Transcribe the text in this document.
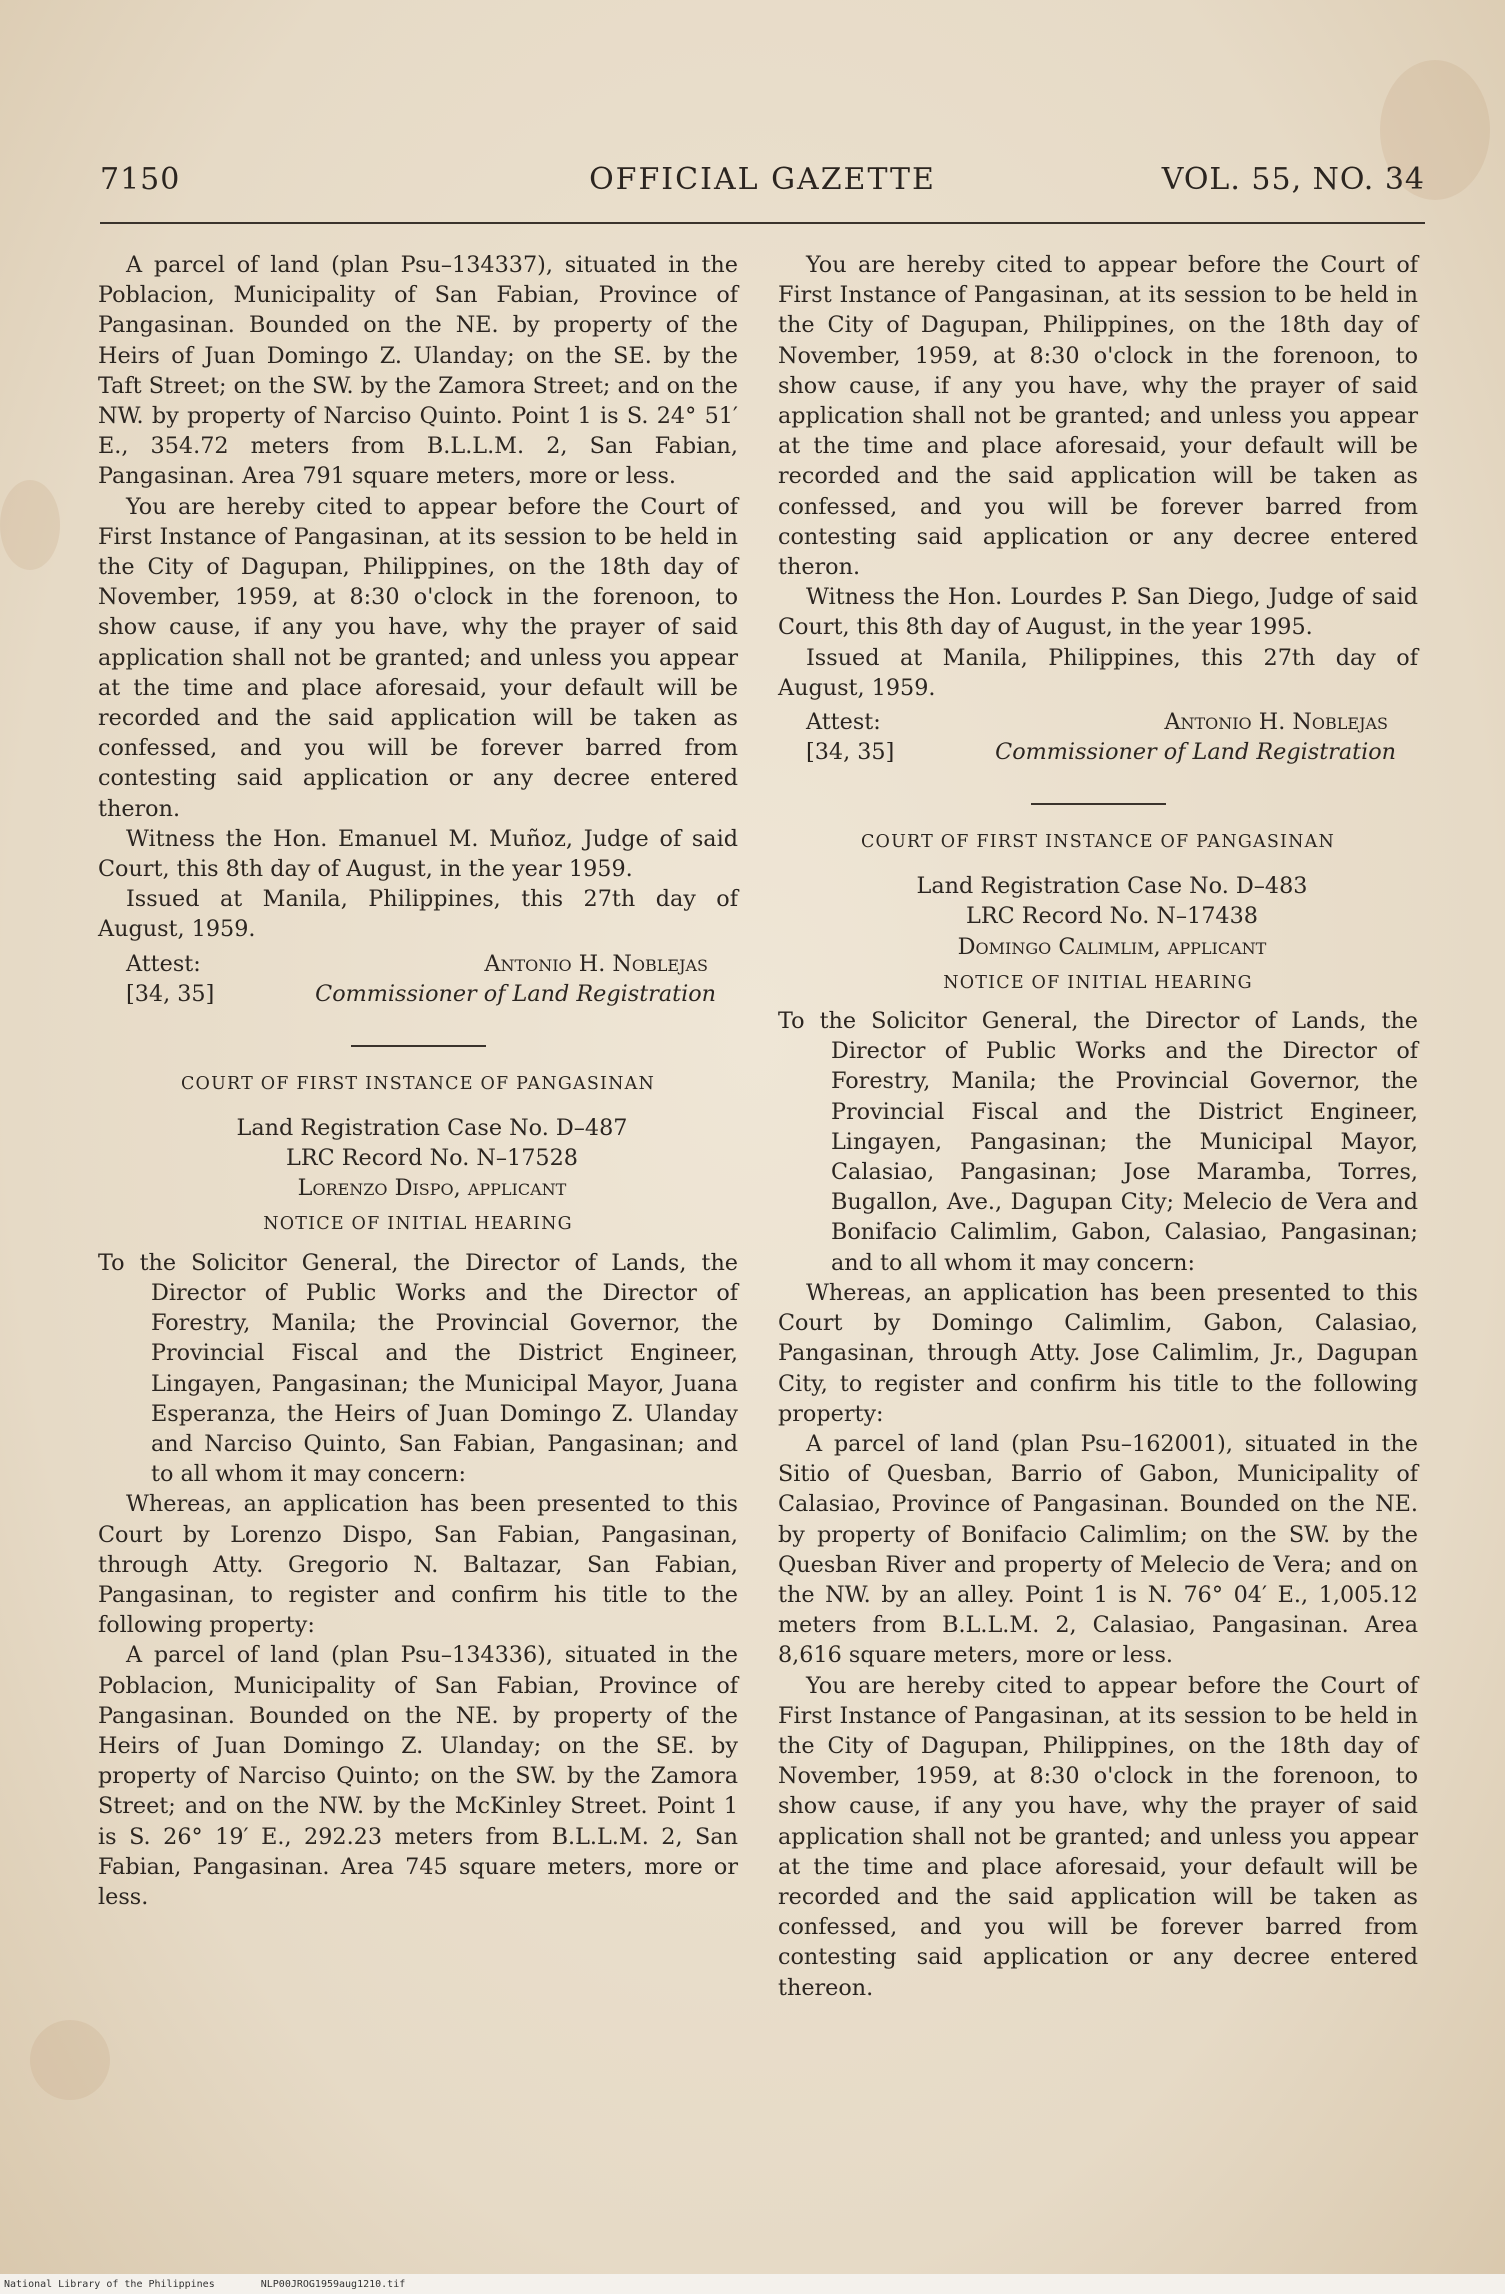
7150	OFFICIAL GAZETTE	VOL. 55, NO. 34

A parcel of land (plan Psu–134337), situated in the Poblacion, Municipality of San Fabian, Province of Pangasinan. Bounded on the NE. by property of the Heirs of Juan Domingo Z. Ulanday; on the SE. by the Taft Street; on the SW. by the Zamora Street; and on the NW. by property of Narciso Quinto. Point 1 is S. 24° 51′ E., 354.72 meters from B.L.L.M. 2, San Fabian, Pangasinan. Area 791 square meters, more or less.

You are hereby cited to appear before the Court of First Instance of Pangasinan, at its session to be held in the City of Dagupan, Philippines, on the 18th day of November, 1959, at 8:30 o'clock in the forenoon, to show cause, if any you have, why the prayer of said application shall not be granted; and unless you appear at the time and place aforesaid, your default will be recorded and the said application will be taken as confessed, and you will be forever barred from contesting said application or any decree entered theron.

Witness the Hon. Emanuel M. Muñoz, Judge of said Court, this 8th day of August, in the year 1959.

Issued at Manila, Philippines, this 27th day of August, 1959.

Attest:
[34, 35]
Antonio H. Noblejas
Commissioner of Land Registration
COURT OF FIRST INSTANCE OF PANGASINAN

Land Registration Case No. D–487

LRC Record No. N–17528

Lorenzo Dispo, applicant

NOTICE OF INITIAL HEARING

To the Solicitor General, the Director of Lands, the Director of Public Works and the Director of Forestry, Manila; the Provincial Governor, the Provincial Fiscal and the District Engineer, Lingayen, Pangasinan; the Municipal Mayor, Juana Esperanza, the Heirs of Juan Domingo Z. Ulanday and Narciso Quinto, San Fabian, Pangasinan; and to all whom it may concern:

Whereas, an application has been presented to this Court by Lorenzo Dispo, San Fabian, Pangasinan, through Atty. Gregorio N. Baltazar, San Fabian, Pangasinan, to register and confirm his title to the following property:

A parcel of land (plan Psu–134336), situated in the Poblacion, Municipality of San Fabian, Province of Pangasinan. Bounded on the NE. by property of the Heirs of Juan Domingo Z. Ulanday; on the SE. by property of Narciso Quinto; on the SW. by the Zamora Street; and on the NW. by the McKinley Street. Point 1 is S. 26° 19′ E., 292.23 meters from B.L.L.M. 2, San Fabian, Pangasinan. Area 745 square meters, more or less.

You are hereby cited to appear before the Court of First Instance of Pangasinan, at its session to be held in the City of Dagupan, Philippines, on the 18th day of November, 1959, at 8:30 o'clock in the forenoon, to show cause, if any you have, why the prayer of said application shall not be granted; and unless you appear at the time and place aforesaid, your default will be recorded and the said application will be taken as confessed, and you will be forever barred from contesting said application or any decree entered theron.

Witness the Hon. Lourdes P. San Diego, Judge of said Court, this 8th day of August, in the year 1995.

Issued at Manila, Philippines, this 27th day of August, 1959.

Attest:
[34, 35]
Antonio H. Noblejas
Commissioner of Land Registration
COURT OF FIRST INSTANCE OF PANGASINAN

Land Registration Case No. D–483

LRC Record No. N–17438

Domingo Calimlim, applicant

NOTICE OF INITIAL HEARING

To the Solicitor General, the Director of Lands, the Director of Public Works and the Director of Forestry, Manila; the Provincial Governor, the Provincial Fiscal and the District Engineer, Lingayen, Pangasinan; the Municipal Mayor, Calasiao, Pangasinan; Jose Maramba, Torres, Bugallon, Ave., Dagupan City; Melecio de Vera and Bonifacio Calimlim, Gabon, Calasiao, Pangasinan; and to all whom it may concern:

Whereas, an application has been presented to this Court by Domingo Calimlim, Gabon, Calasiao, Pangasinan, through Atty. Jose Calimlim, Jr., Dagupan City, to register and confirm his title to the following property:

A parcel of land (plan Psu–162001), situated in the Sitio of Quesban, Barrio of Gabon, Municipality of Calasiao, Province of Pangasinan. Bounded on the NE. by property of Bonifacio Calimlim; on the SW. by the Quesban River and property of Melecio de Vera; and on the NW. by an alley. Point 1 is N. 76° 04′ E., 1,005.12 meters from B.L.L.M. 2, Calasiao, Pangasinan. Area 8,616 square meters, more or less.

You are hereby cited to appear before the Court of First Instance of Pangasinan, at its session to be held in the City of Dagupan, Philippines, on the 18th day of November, 1959, at 8:30 o'clock in the forenoon, to show cause, if any you have, why the prayer of said application shall not be granted; and unless you appear at the time and place aforesaid, your default will be recorded and the said application will be taken as confessed, and you will be forever barred from contesting said application or any decree entered thereon.

National Library of the Philippines	NLP00JROG1959aug1210.tif
